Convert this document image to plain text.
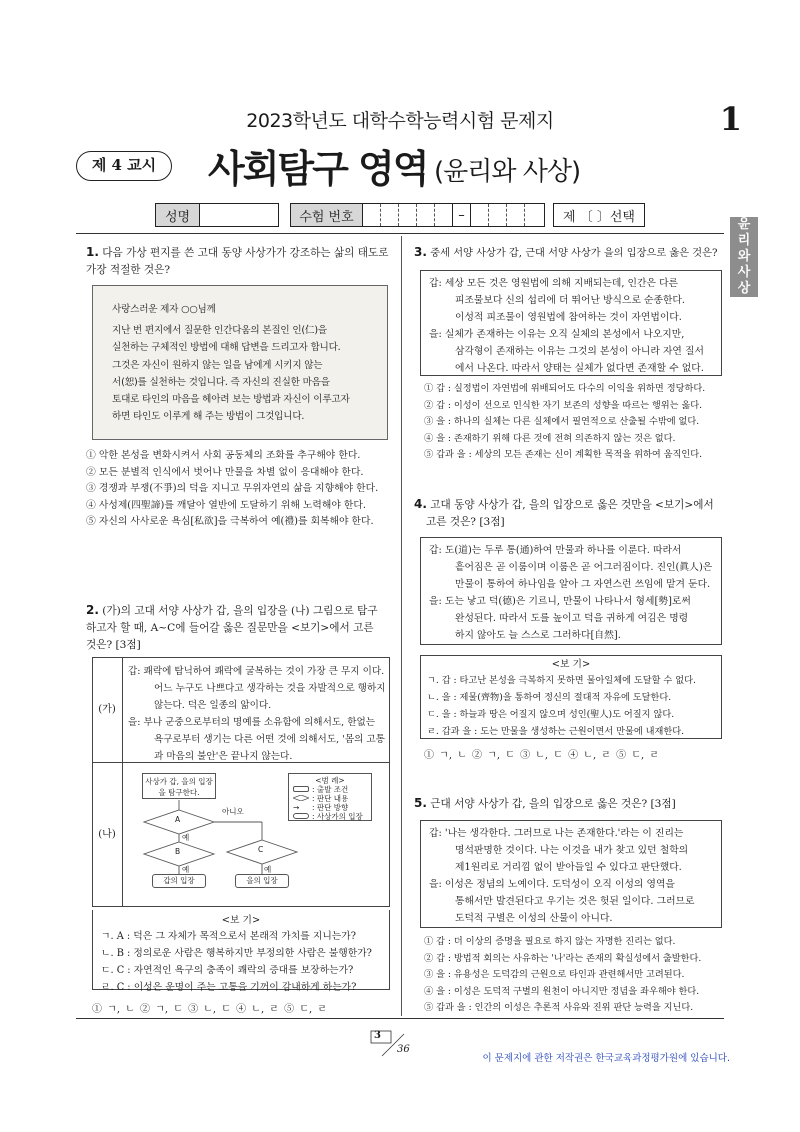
2023학년도 대학수학능력시험 문제지	1
제 4 교시	사회탐구 영역 (윤리와 사상)
성명	수험 번호	–	제 〔 〕선택	윤
리
와
사
상
1. 다음 가상 편지를 쓴 고대 동양 사상가가 강조하는 삶의 태도로
가장 적절한 것은?
사랑스러운 제자 ○○님께
지난 번 편지에서 질문한 인간다움의 본질인 인(仁)을
실천하는 구체적인 방법에 대해 답변을 드리고자 합니다.
그것은 자신이 원하지 않는 일을 남에게 시키지 않는
서(恕)를 실천하는 것입니다. 즉 자신의 진실한 마음을
토대로 타인의 마음을 헤아려 보는 방법과 자신이 이루고자
하면 타인도 이루게 해 주는 방법이 그것입니다.
① 악한 본성을 변화시켜서 사회 공동체의 조화를 추구해야 한다.
② 모든 분별적 인식에서 벗어나 만물을 차별 없이 응대해야 한다.
③ 경쟁과 부쟁(不爭)의 덕을 지니고 무위자연의 삶을 지향해야 한다.
④ 사성제(四聖諦)를 깨달아 열반에 도달하기 위해 노력해야 한다.
⑤ 자신의 사사로운 욕심[私欲]을 극복하여 예(禮)를 회복해야 한다.
2. (가)의 고대 서양 사상가 갑, 을의 입장을 (나) 그림으로 탐구
하고자 할 때, A~C에 들어갈 옳은 질문만을 <보기>에서 고른
것은? [3점]
(가)
(나)
갑: 쾌락에 탐닉하여 쾌락에 굴복하는 것이 가장 큰 무지 이다. 어느 누구도 나쁘다고 생각하는 것을 자발적으로 행하지 않는다. 덕은 일종의 앎이다.
을: 부나 군중으로부터의 명예를 소유함에 의해서도, 한없는 욕구로부터 생기는 다른 어떤 것에 의해서도, '몸의 고통과 마음의 불안'은 끝나지 않는다.
사상가 갑, 을의 입장을 탐구한다.
<범 례>
: 출발 조건
: 판단 내용
→ : 판단 방향
: 사상가의 입장
A
B	C
아니오
예
예	예
갑의 입장	을의 입장
<보 기>
ㄱ. A : 덕은 그 자체가 목적으로서 본래적 가치를 지니는가?
ㄴ. B : 정의로운 사람은 행복하지만 부정의한 사람은 불행한가?
ㄷ. C : 자연적인 욕구의 충족이 쾌락의 증대를 보장하는가?
ㄹ. C : 이성은 운명이 주는 고통을 기꺼이 감내하게 하는가?
① ㄱ, ㄴ ② ㄱ, ㄷ ③ ㄴ, ㄷ ④ ㄴ, ㄹ ⑤ ㄷ, ㄹ
3. 중세 서양 사상가 갑, 근대 서양 사상가 을의 입장으로 옳은 것은?
갑: 세상 모든 것은 영원법에 의해 지배되는데, 인간은 다른
피조물보다 신의 섭리에 더 뛰어난 방식으로 순종한다.
이성적 피조물이 영원법에 참여하는 것이 자연법이다.
을: 실체가 존재하는 이유는 오직 실체의 본성에서 나오지만,
삼각형이 존재하는 이유는 그것의 본성이 아니라 자연 질서
에서 나온다. 따라서 양태는 실체가 없다면 존재할 수 없다.
① 갑 : 실정법이 자연법에 위배되어도 다수의 이익을 위하면 정당하다.
② 갑 : 이성이 선으로 인식한 자기 보존의 성향을 따르는 행위는 옳다.
③ 을 : 하나의 실체는 다른 실체에서 필연적으로 산출될 수밖에 없다.
④ 을 : 존재하기 위해 다른 것에 전혀 의존하지 않는 것은 없다.
⑤ 갑과 을 : 세상의 모든 존재는 신이 계획한 목적을 위하여 움직인다.
4. 고대 동양 사상가 갑, 을의 입장으로 옳은 것만을 <보기>에서
고른 것은? [3점]
갑: 도(道)는 두루 통(通)하여 만물과 하나를 이룬다. 따라서
흩어짐은 곧 이룸이며 이룸은 곧 어그러짐이다. 진인(眞人)은
만물이 통하여 하나임을 알아 그 자연스런 쓰임에 맡겨 둔다.
을: 도는 낳고 덕(德)은 기르니, 만물이 나타나서 형세[勢]로써
완성된다. 따라서 도를 높이고 덕을 귀하게 여김은 명령
하지 않아도 늘 스스로 그러하다[自然].
<보 기>
ㄱ. 갑 : 타고난 본성을 극복하지 못하면 물아일체에 도달할 수 없다.
ㄴ. 을 : 제물(齊物)을 통하여 정신의 절대적 자유에 도달한다.
ㄷ. 을 : 하늘과 땅은 어질지 않으며 성인(聖人)도 어질지 않다.
ㄹ. 갑과 을 : 도는 만물을 생성하는 근원이면서 만물에 내재한다.
① ㄱ, ㄴ ② ㄱ, ㄷ ③ ㄴ, ㄷ ④ ㄴ, ㄹ ⑤ ㄷ, ㄹ
5. 근대 서양 사상가 갑, 을의 입장으로 옳은 것은? [3점]
갑: '나는 생각한다. 그러므로 나는 존재한다.'라는 이 진리는
명석판명한 것이다. 나는 이것을 내가 찾고 있던 철학의
제1원리로 거리낌 없이 받아들일 수 있다고 판단했다.
을: 이성은 정념의 노예이다. 도덕성이 오직 이성의 영역을
통해서만 발견된다고 우기는 것은 헛된 일이다. 그러므로
도덕적 구별은 이성의 산물이 아니다.
① 갑 : 더 이상의 증명을 필요로 하지 않는 자명한 진리는 없다.
② 갑 : 방법적 회의는 사유하는 '나'라는 존재의 확실성에서 출발한다.
③ 을 : 유용성은 도덕감의 근원으로 타인과 관련해서만 고려된다.
④ 을 : 이성은 도덕적 구별의 원천이 아니지만 정념을 좌우해야 한다.
⑤ 갑과 을 : 인간의 이성은 추론적 사유와 진위 판단 능력을 지닌다.
3
36
이 문제지에 관한 저작권은 한국교육과정평가원에 있습니다.
